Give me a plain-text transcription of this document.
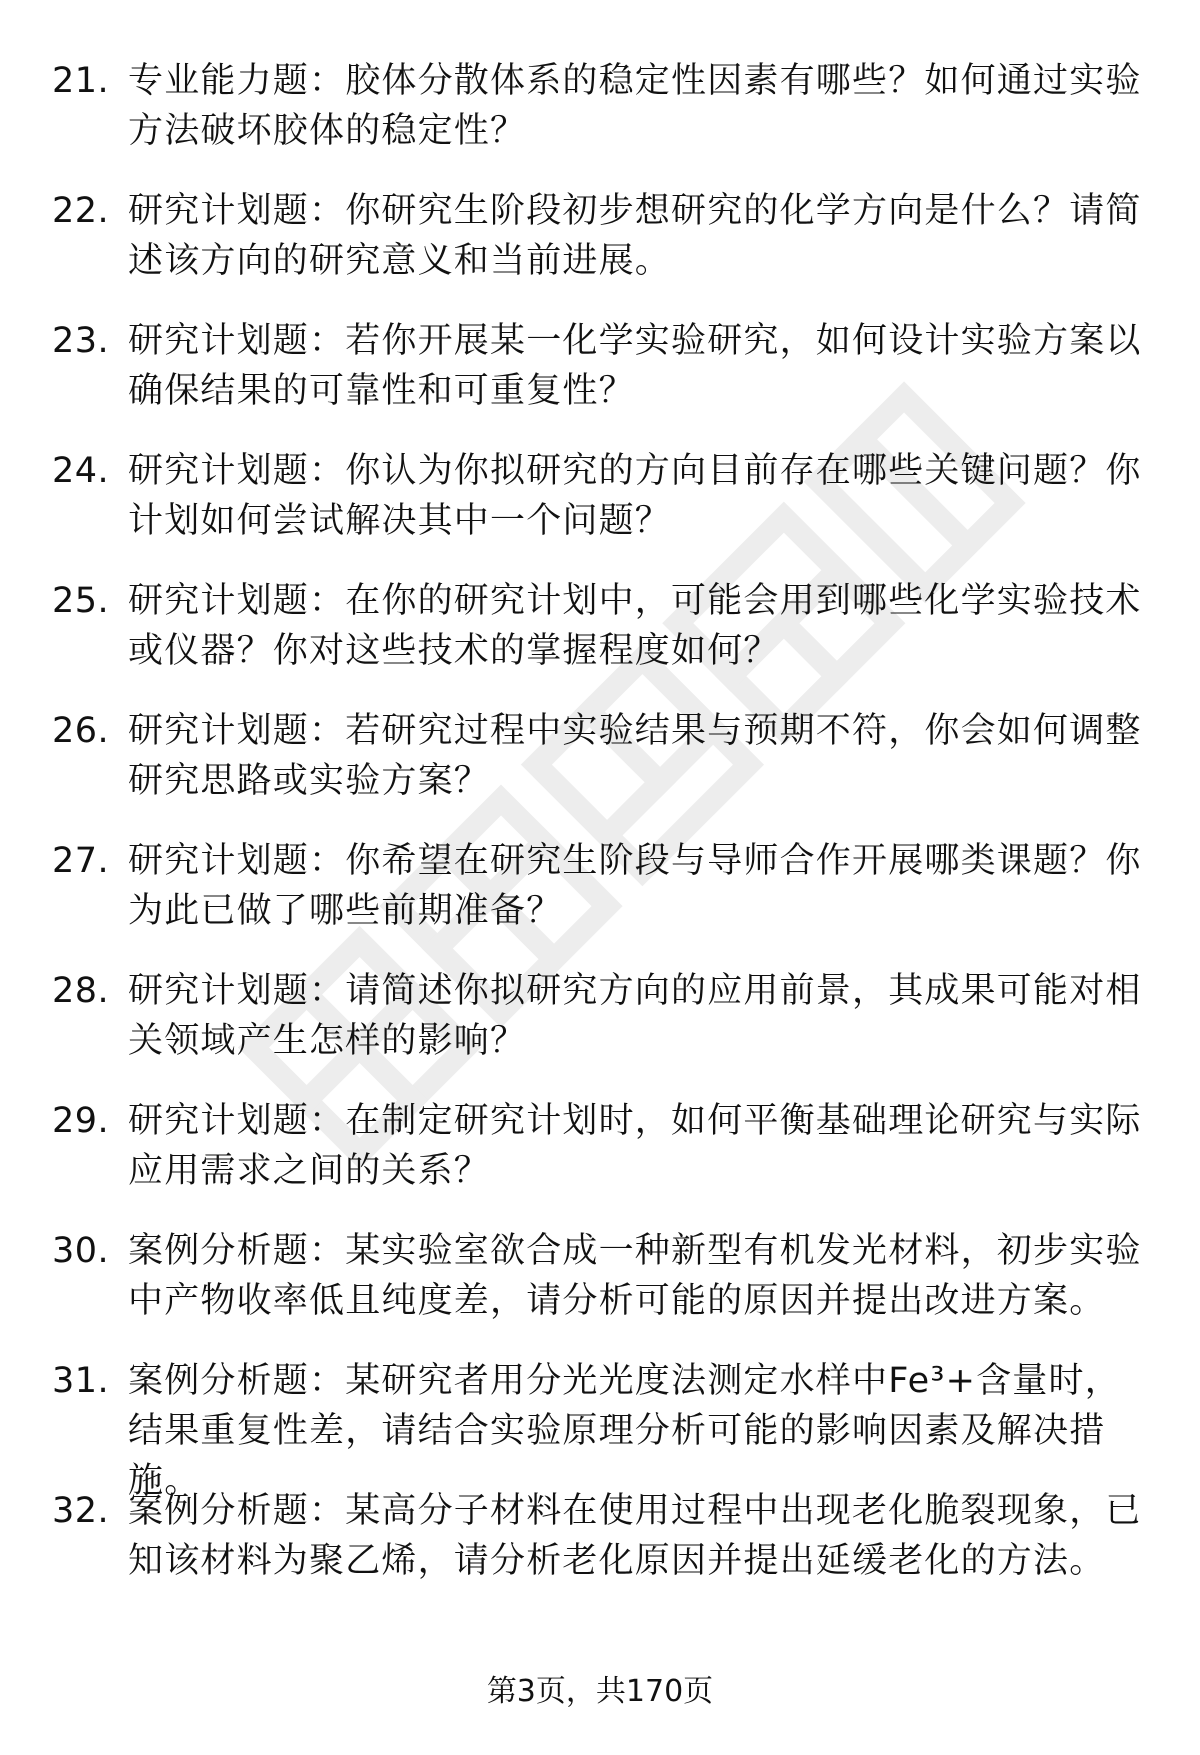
21. 专业能力题：胶体分散体系的稳定性因素有哪些？如何通过实验方法破坏胶体的稳定性？
22. 研究计划题：你研究生阶段初步想研究的化学方向是什么？请简述该方向的研究意义和当前进展。
23. 研究计划题：若你开展某一化学实验研究，如何设计实验方案以确保结果的可靠性和可重复性？
24. 研究计划题：你认为你拟研究的方向目前存在哪些关键问题？你计划如何尝试解决其中一个问题？
25. 研究计划题：在你的研究计划中，可能会用到哪些化学实验技术或仪器？你对这些技术的掌握程度如何？
26. 研究计划题：若研究过程中实验结果与预期不符，你会如何调整研究思路或实验方案？
27. 研究计划题：你希望在研究生阶段与导师合作开展哪类课题？你为此已做了哪些前期准备？
28. 研究计划题：请简述你拟研究方向的应用前景，其成果可能对相关领域产生怎样的影响？
29. 研究计划题：在制定研究计划时，如何平衡基础理论研究与实际应用需求之间的关系？
30. 案例分析题：某实验室欲合成一种新型有机发光材料，初步实验中产物收率低且纯度差，请分析可能的原因并提出改进方案。
31. 案例分析题：某研究者用分光光度法测定水样中Fe³+含量时，结果重复性差，请结合实验原理分析可能的影响因素及解决措施。
32. 案例分析题：某高分子材料在使用过程中出现老化脆裂现象，已知该材料为聚乙烯，请分析老化原因并提出延缓老化的方法。
第3页，共170页
